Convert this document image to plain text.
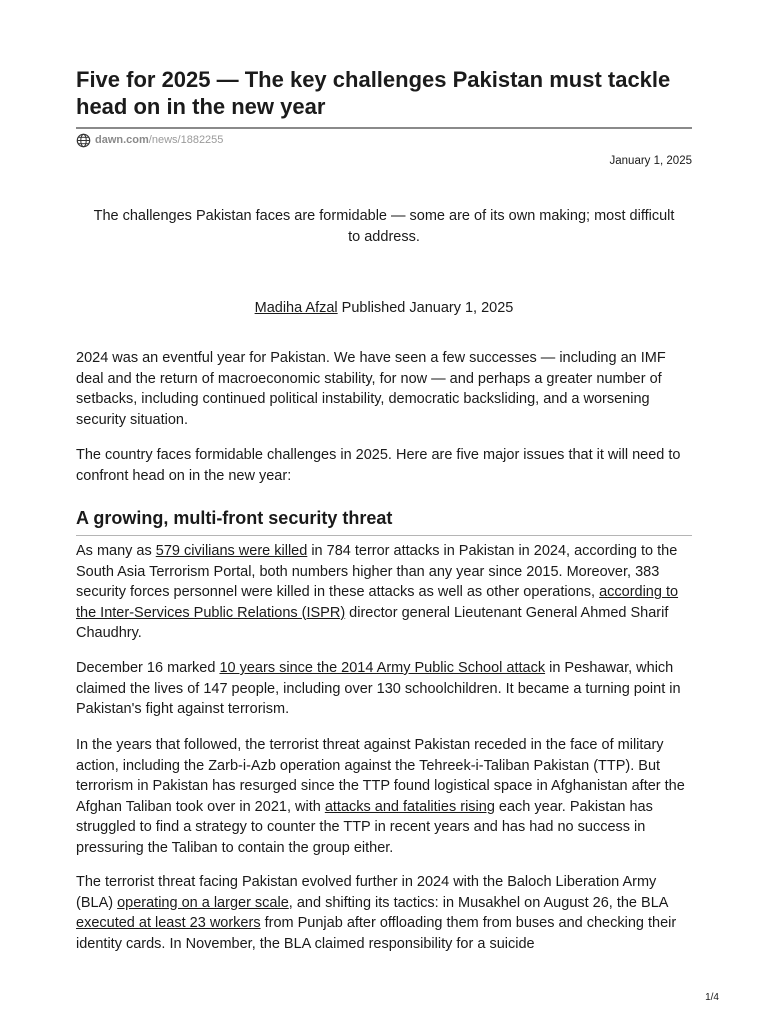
Five for 2025 — The key challenges Pakistan must tackle head on in the new year
dawn.com /news/1882255
January 1, 2025

The challenges Pakistan faces are formidable — some are of its own making; most difficult to address.

Madiha Afzal Published January 1, 2025

2024 was an eventful year for Pakistan. We have seen a few successes — including an IMF deal and the return of macroeconomic stability, for now — and perhaps a greater number of setbacks, including continued political instability, democratic backsliding, and a worsening security situation.

The country faces formidable challenges in 2025. Here are five major issues that it will need to confront head on in the new year:

A growing, multi-front security threat

As many as 579 civilians were killed in 784 terror attacks in Pakistan in 2024, according to the South Asia Terrorism Portal, both numbers higher than any year since 2015. Moreover, 383 security forces personnel were killed in these attacks as well as other operations, according to the Inter-Services Public Relations (ISPR) director general Lieutenant General Ahmed Sharif Chaudhry.

December 16 marked 10 years since the 2014 Army Public School attack in Peshawar, which claimed the lives of 147 people, including over 130 schoolchildren. It became a turning point in Pakistan's fight against terrorism.

In the years that followed, the terrorist threat against Pakistan receded in the face of military action, including the Zarb-i-Azb operation against the Tehreek-i-Taliban Pakistan (TTP). But terrorism in Pakistan has resurged since the TTP found logistical space in Afghanistan after the Afghan Taliban took over in 2021, with attacks and fatalities rising each year. Pakistan has struggled to find a strategy to counter the TTP in recent years and has had no success in pressuring the Taliban to contain the group either.

The terrorist threat facing Pakistan evolved further in 2024 with the Baloch Liberation Army (BLA) operating on a larger scale, and shifting its tactics: in Musakhel on August 26, the BLA executed at least 23 workers from Punjab after offloading them from buses and checking their identity cards. In November, the BLA claimed responsibility for a suicide

1/4
